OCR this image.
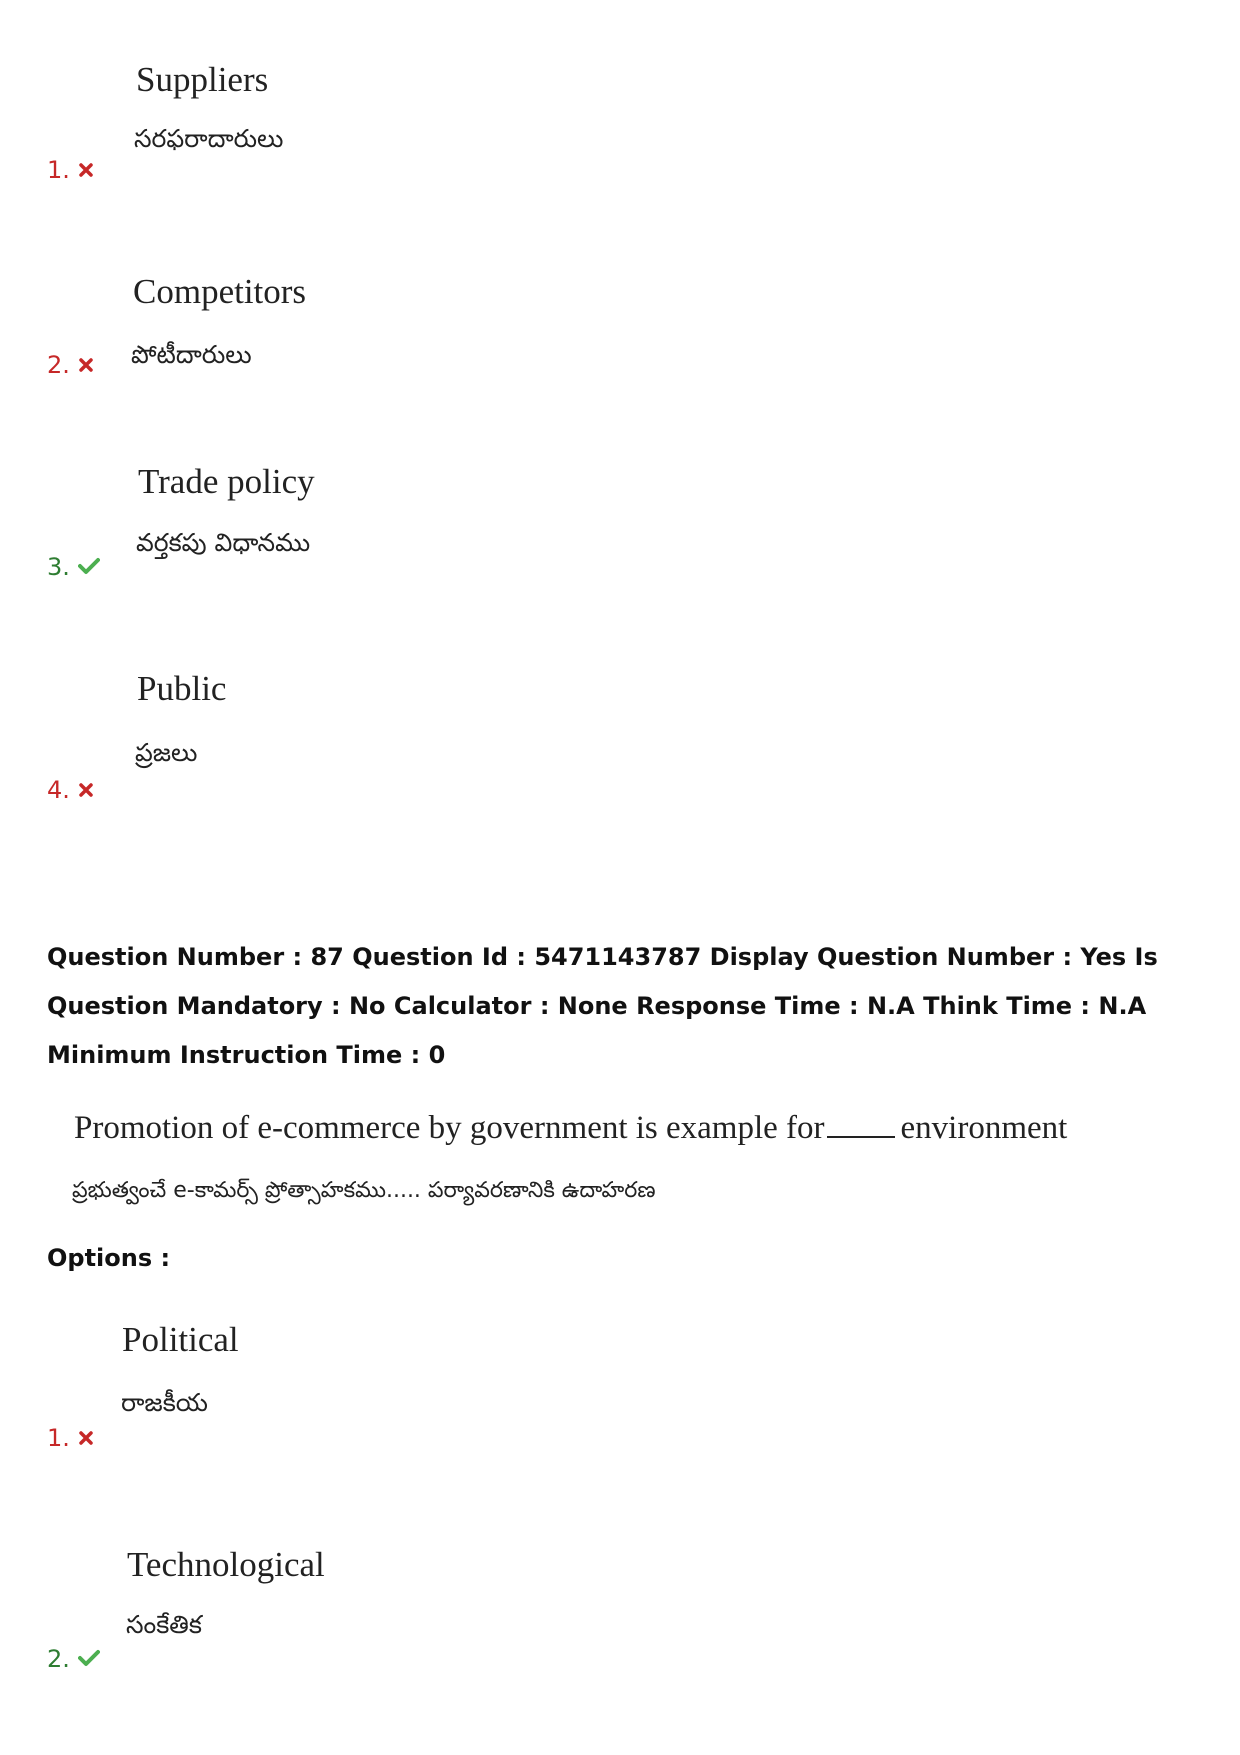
Suppliers
సరఫరాదారులు
1.
Competitors
పోటీదారులు
2.
Trade policy
వర్తకపు విధానము
3.
Public
ప్రజలు
4.
Question Number : 87 Question Id : 5471143787 Display Question Number : Yes Is Question Mandatory : No Calculator : None Response Time : N.A Think Time : N.A Minimum Instruction Time : 0
Promotion of e-commerce by government is example for environment
ప్రభుత్వంచే e-కామర్స్ ప్రోత్సాహకము..... పర్యావరణానికి ఉదాహరణ
Options :
Political
రాజకీయ
1.
Technological
సంకేతిక
2.
